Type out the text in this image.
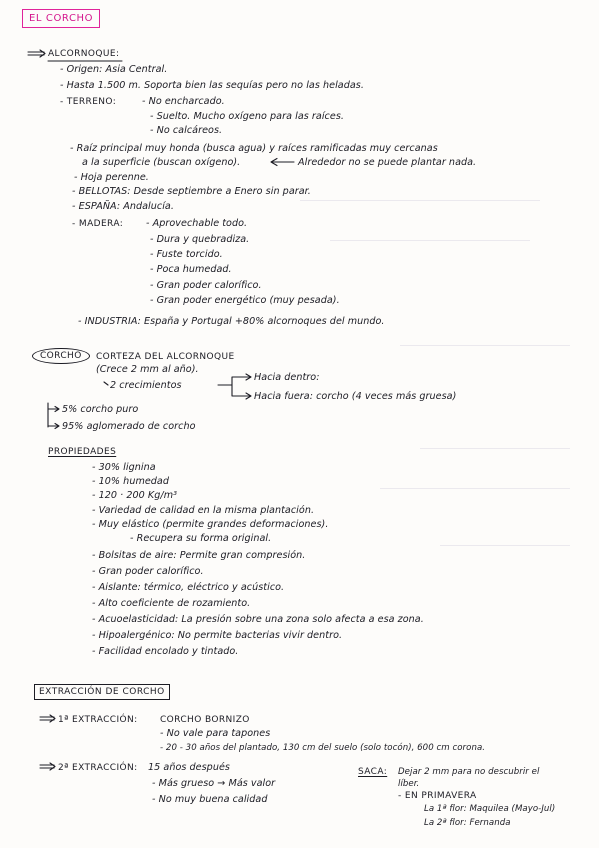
EL CORCHO
ALCORNOQUE:
- Origen: Asia Central.
- Hasta 1.500 m. Soporta bien las sequías pero no las heladas.
- TERRENO:	- No encharcado.
- Suelto. Mucho oxígeno para las raíces.
- No calcáreos.
- Raíz principal muy honda (busca agua) y raíces ramificadas muy cercanas
a la superficie (buscan oxígeno).	Alrededor no se puede plantar nada.
- Hoja perenne.
- BELLOTAS: Desde septiembre a Enero sin parar.
- ESPAÑA: Andalucía.
- MADERA: - Aprovechable todo.
- Dura y quebradiza.
- Fuste torcido.
- Poca humedad.
- Gran poder calorífico.
- Gran poder energético (muy pesada).
- INDUSTRIA: España y Portugal +80% alcornoques del mundo.
CORCHO	CORTEZA DEL ALCORNOQUE
(Crece 2 mm al año).
2 crecimientos
Hacia dentro:
Hacia fuera: corcho (4 veces más gruesa)
5% corcho puro
95% aglomerado de corcho
PROPIEDADES
- 30% lignina
- 10% humedad
- 120 · 200 Kg/m³
- Variedad de calidad en la misma plantación.
- Muy elástico (permite grandes deformaciones).
- Recupera su forma original.
- Bolsitas de aire: Permite gran compresión.
- Gran poder calorífico.
- Aislante: térmico, eléctrico y acústico.
- Alto coeficiente de rozamiento.
- Acuoelasticidad: La presión sobre una zona solo afecta a esa zona.
- Hipoalergénico: No permite bacterias vivir dentro.
- Facilidad encolado y tintado.
EXTRACCIÓN DE CORCHO
1ª EXTRACCIÓN: CORCHO BORNIZO
- No vale para tapones
- 20 - 30 años del plantado, 130 cm del suelo (solo tocón), 600 cm corona.
2ª EXTRACCIÓN: 15 años después
- Más grueso → Más valor
- No muy buena calidad
SACA: Dejar 2 mm para no descubrir el
líber.
- EN PRIMAVERA
La 1ª flor: Maquilea (Mayo-Jul)
La 2ª flor: Fernanda
